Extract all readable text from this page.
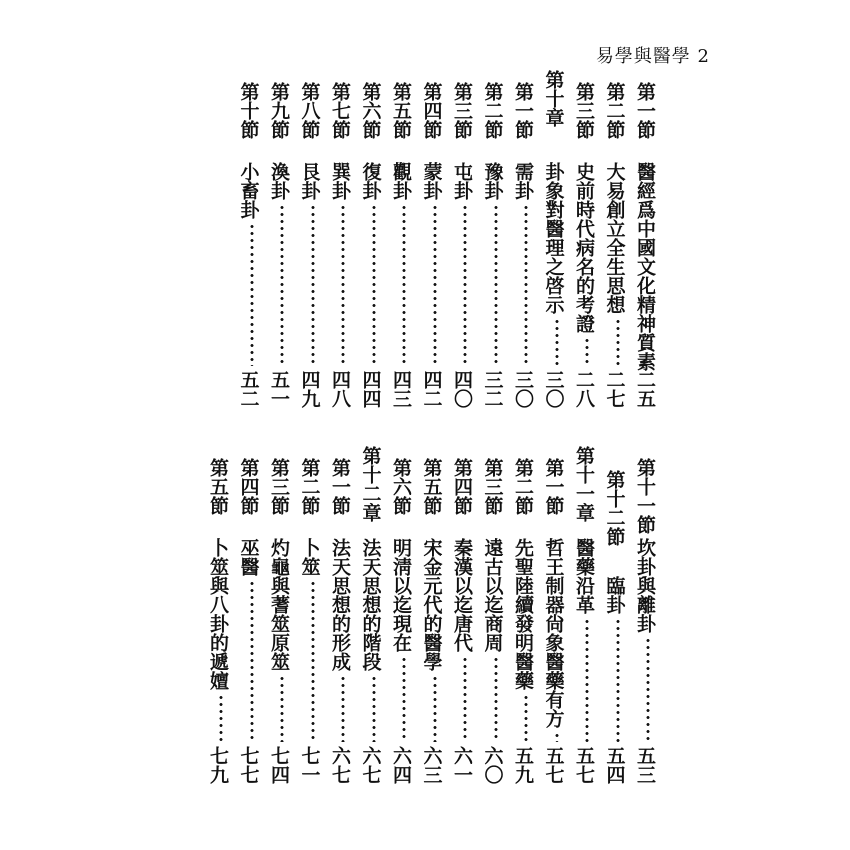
易學與醫學 2
第一節
醫經爲中國文化精神質素
二五
第二節
大易創立全生思想
二七
第三節
史前時代病名的考證
二八
第十章
卦象對醫理之啓示
三〇
第一節
需卦
三〇
第二節
豫卦
三二
第三節
屯卦
四〇
第四節
蒙卦
四二
第五節
觀卦
四三
第六節
復卦
四四
第七節
巽卦
四八
第八節
艮卦
四九
第九節
渙卦
五一
第十節
小畜卦
五二
第十一節
坎卦與離卦
五三
第十二節
臨卦
五四
第十一章
醫藥沿革
五七
第一節
哲王制器尙象醫藥有方
五七
第二節
先聖陸續發明醫藥
五九
第三節
遠古以迄商周
六〇
第四節
秦漢以迄唐代
六一
第五節
宋金元代的醫學
六三
第六節
明淸以迄現在
六四
第十二章
法天思想的階段
六七
第一節
法天思想的形成
六七
第二節
卜筮
七一
第三節
灼龜與蓍筮原筮
七四
第四節
巫醫
七七
第五節
卜筮與八卦的遞嬗
七九
